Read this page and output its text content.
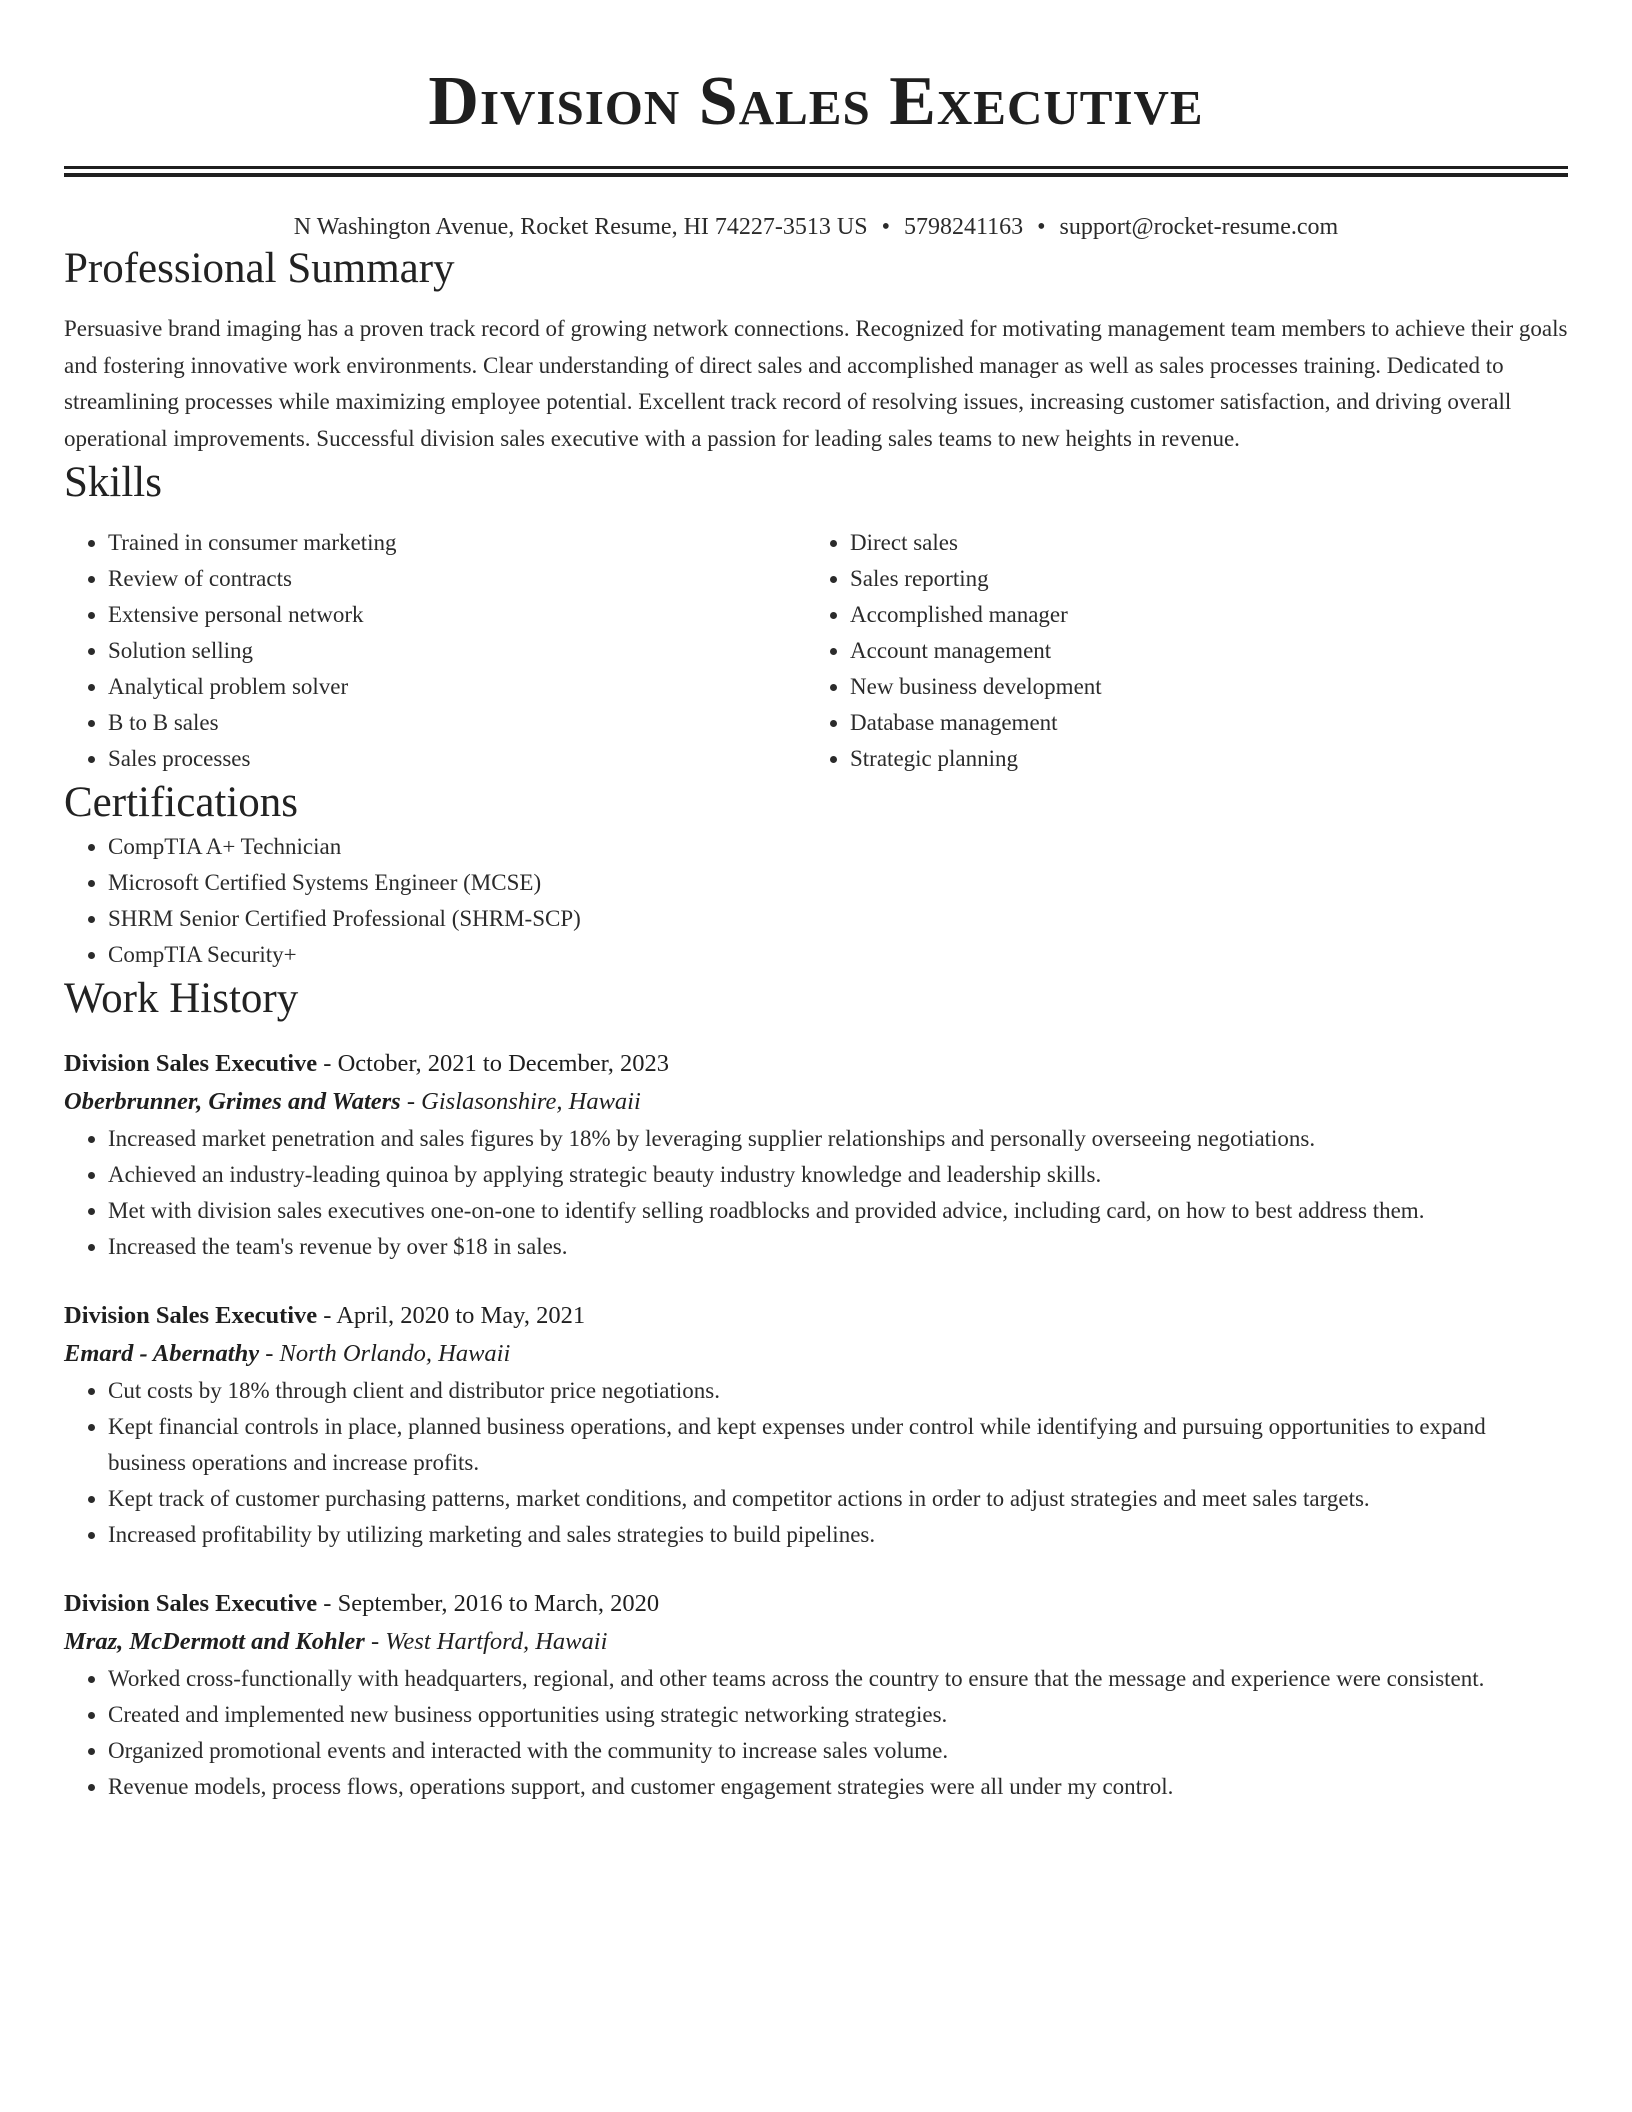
Division Sales Executive
N Washington Avenue, Rocket Resume, HI 74227-3513 US • 5798241163 • support@rocket-resume.com
Professional Summary
Persuasive brand imaging has a proven track record of growing network connections. Recognized for motivating management team members to achieve their goals and fostering innovative work environments. Clear understanding of direct sales and accomplished manager as well as sales processes training. Dedicated to streamlining processes while maximizing employee potential. Excellent track record of resolving issues, increasing customer satisfaction, and driving overall operational improvements. Successful division sales executive with a passion for leading sales teams to new heights in revenue.
Skills
• Trained in consumer marketing
• Review of contracts
• Extensive personal network
• Solution selling
• Analytical problem solver
• B to B sales
• Sales processes
• Direct sales
• Sales reporting
• Accomplished manager
• Account management
• New business development
• Database management
• Strategic planning
Certifications
• CompTIA A+ Technician
• Microsoft Certified Systems Engineer (MCSE)
• SHRM Senior Certified Professional (SHRM-SCP)
• CompTIA Security+
Work History
Division Sales Executive - October, 2021 to December, 2023
Oberbrunner, Grimes and Waters - Gislasonshire, Hawaii
• Increased market penetration and sales figures by 18% by leveraging supplier relationships and personally overseeing negotiations.
• Achieved an industry-leading quinoa by applying strategic beauty industry knowledge and leadership skills.
• Met with division sales executives one-on-one to identify selling roadblocks and provided advice, including card, on how to best address them.
• Increased the team's revenue by over $18 in sales.
Division Sales Executive - April, 2020 to May, 2021
Emard - Abernathy - North Orlando, Hawaii
• Cut costs by 18% through client and distributor price negotiations.
• Kept financial controls in place, planned business operations, and kept expenses under control while identifying and pursuing opportunities to expand business operations and increase profits.
• Kept track of customer purchasing patterns, market conditions, and competitor actions in order to adjust strategies and meet sales targets.
• Increased profitability by utilizing marketing and sales strategies to build pipelines.
Division Sales Executive - September, 2016 to March, 2020
Mraz, McDermott and Kohler - West Hartford, Hawaii
• Worked cross-functionally with headquarters, regional, and other teams across the country to ensure that the message and experience were consistent.
• Created and implemented new business opportunities using strategic networking strategies.
• Organized promotional events and interacted with the community to increase sales volume.
• Revenue models, process flows, operations support, and customer engagement strategies were all under my control.
